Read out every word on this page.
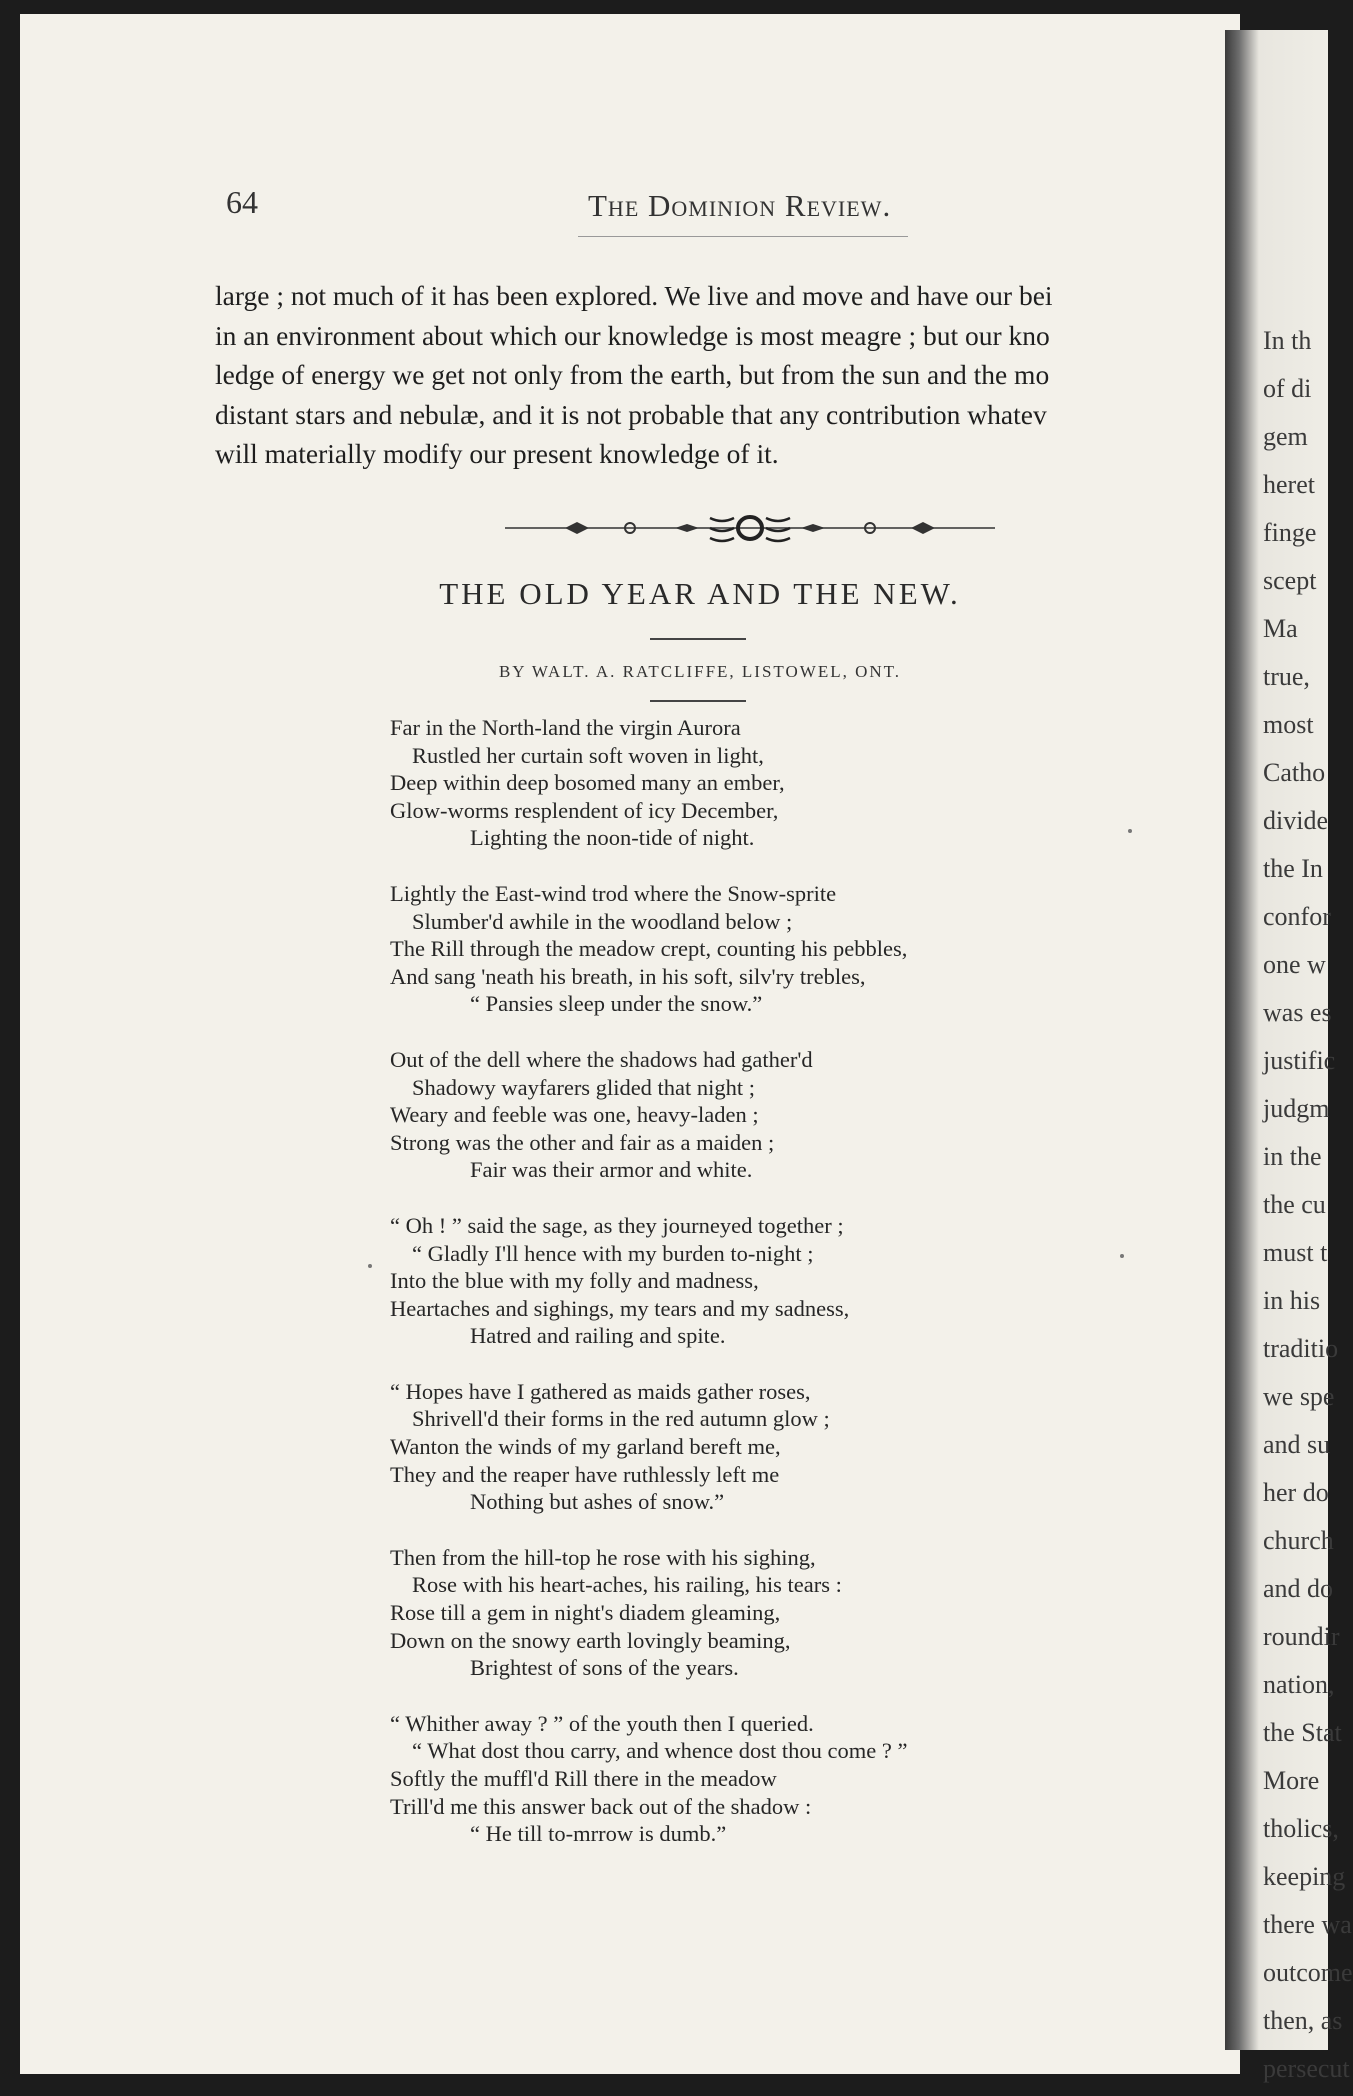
64	The Dominion Review.
large ; not much of it has been explored. We live and move and have our bei
in an environment about which our knowledge is most meagre ; but our kno
ledge of energy we get not only from the earth, but from the sun and the mo
distant stars and nebulæ, and it is not probable that any contribution whatev
will materially modify our present knowledge of it.
THE OLD YEAR AND THE NEW.
BY WALT. A. RATCLIFFE, LISTOWEL, ONT.
Far in the North-land the virgin Aurora
Rustled her curtain soft woven in light,
Deep within deep bosomed many an ember,
Glow-worms resplendent of icy December,
Lighting the noon-tide of night.
Lightly the East-wind trod where the Snow-sprite
Slumber'd awhile in the woodland below ;
The Rill through the meadow crept, counting his pebbles,
And sang 'neath his breath, in his soft, silv'ry trebles,
“ Pansies sleep under the snow.”
Out of the dell where the shadows had gather'd
Shadowy wayfarers glided that night ;
Weary and feeble was one, heavy-laden ;
Strong was the other and fair as a maiden ;
Fair was their armor and white.
“ Oh ! ” said the sage, as they journeyed together ;
“ Gladly I'll hence with my burden to-night ;
Into the blue with my folly and madness,
Heartaches and sighings, my tears and my sadness,
Hatred and railing and spite.
“ Hopes have I gathered as maids gather roses,
Shrivell'd their forms in the red autumn glow ;
Wanton the winds of my garland bereft me,
They and the reaper have ruthlessly left me
Nothing but ashes of snow.”
Then from the hill-top he rose with his sighing,
Rose with his heart-aches, his railing, his tears :
Rose till a gem in night's diadem gleaming,
Down on the snowy earth lovingly beaming,
Brightest of sons of the years.
“ Whither away ? ” of the youth then I queried.
“ What dost thou carry, and whence dost thou come ? ”
Softly the muffl'd Rill there in the meadow
Trill'd me this answer back out of the shadow :
“ He till to-mrrow is dumb.”
In th
of di
gem
heret
finge
scept
Ma
true,
most
Catho
divide
the In
confor
one w
was es
justific
judgm
in the
the cu
must t
in his
traditio
we spe
and su
her do
church
and do
roundir
nation,
the Stat
More
tholics,
keeping
there wa
outcome
then, as
persecut
